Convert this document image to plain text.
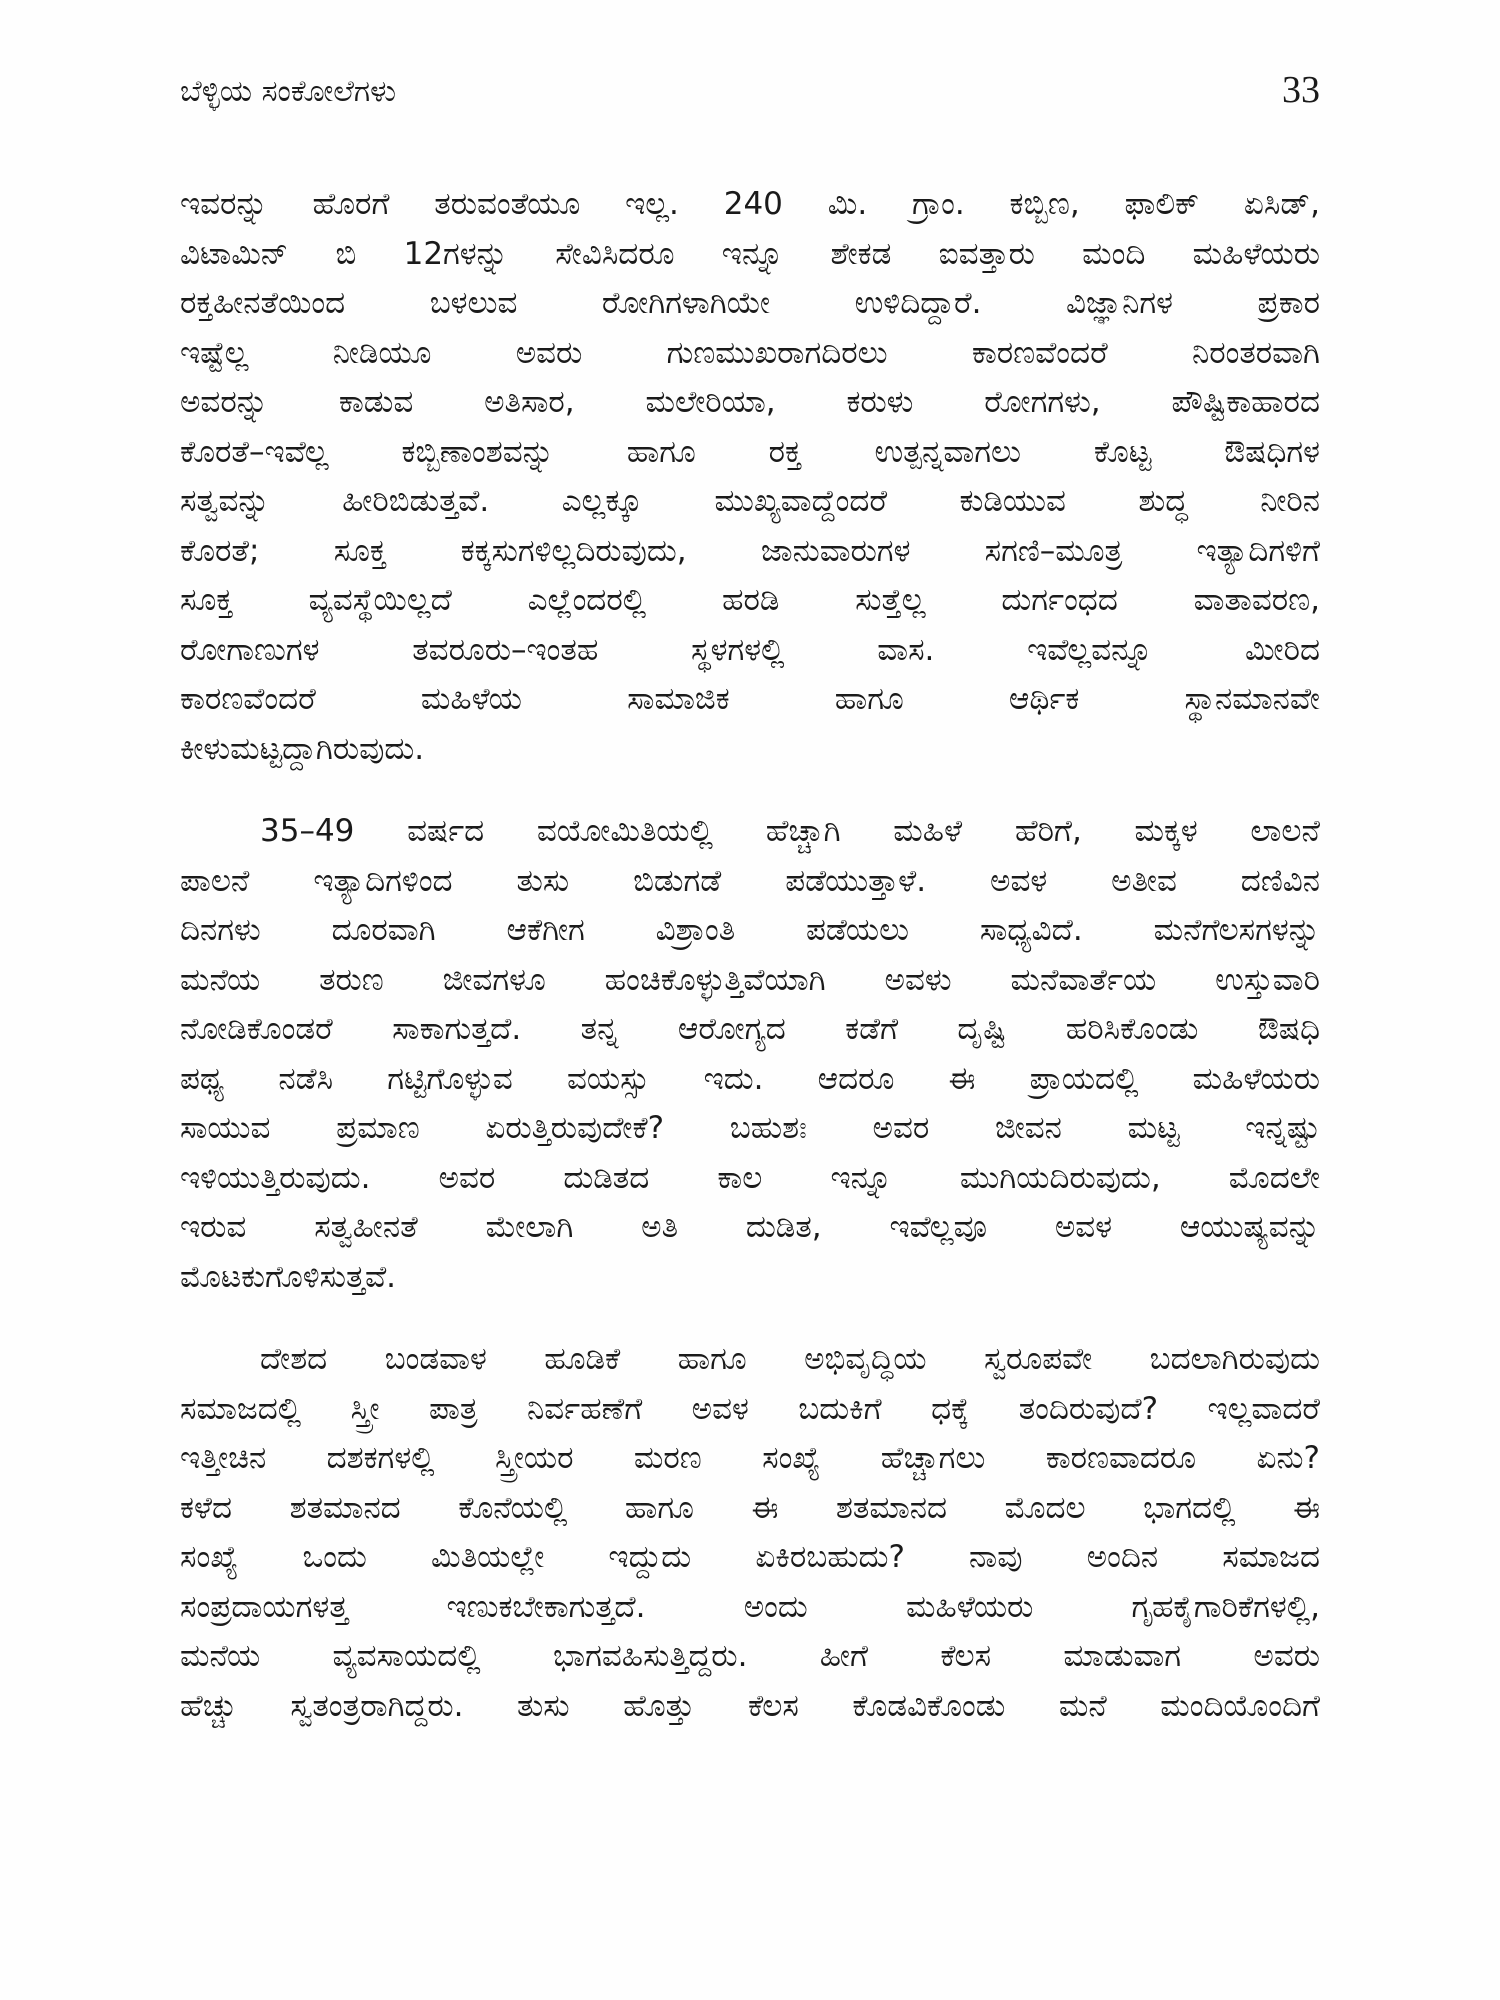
ಬೆಳ್ಳಿಯ ಸಂಕೋಲೆಗಳು	33

ಇವರನ್ನು ಹೊರಗೆ ತರುವಂತೆಯೂ ಇಲ್ಲ. 240 ಮಿ. ಗ್ರಾಂ. ಕಬ್ಬಿಣ, ಫಾಲಿಕ್ ಏಸಿಡ್,
ವಿಟಾಮಿನ್ ಬಿ 12ಗಳನ್ನು ಸೇವಿಸಿದರೂ ಇನ್ನೂ ಶೇಕಡ ಐವತ್ತಾರು ಮಂದಿ ಮಹಿಳೆಯರು
ರಕ್ತಹೀನತೆಯಿಂದ ಬಳಲುವ ರೋಗಿಗಳಾಗಿಯೇ ಉಳಿದಿದ್ದಾರೆ. ವಿಜ್ಞಾನಿಗಳ ಪ್ರಕಾರ
ಇಷ್ಟೆಲ್ಲ ನೀಡಿಯೂ ಅವರು ಗುಣಮುಖರಾಗದಿರಲು ಕಾರಣವೆಂದರೆ ನಿರಂತರವಾಗಿ
ಅವರನ್ನು ಕಾಡುವ ಅತಿಸಾರ, ಮಲೇರಿಯಾ, ಕರುಳು ರೋಗಗಳು, ಪೌಷ್ಟಿಕಾಹಾರದ
ಕೊರತೆ–ಇವೆಲ್ಲ ಕಬ್ಬಿಣಾಂಶವನ್ನು ಹಾಗೂ ರಕ್ತ ಉತ್ಪನ್ನವಾಗಲು ಕೊಟ್ಟ ಔಷಧಿಗಳ
ಸತ್ವವನ್ನು ಹೀರಿಬಿಡುತ್ತವೆ. ಎಲ್ಲಕ್ಕೂ ಮುಖ್ಯವಾದ್ದೆಂದರೆ ಕುಡಿಯುವ ಶುದ್ಧ ನೀರಿನ
ಕೊರತೆ; ಸೂಕ್ತ ಕಕ್ಕಸುಗಳಿಲ್ಲದಿರುವುದು, ಜಾನುವಾರುಗಳ ಸಗಣಿ–ಮೂತ್ರ ಇತ್ಯಾದಿಗಳಿಗೆ
ಸೂಕ್ತ ವ್ಯವಸ್ಥೆಯಿಲ್ಲದೆ ಎಲ್ಲೆಂದರಲ್ಲಿ ಹರಡಿ ಸುತ್ತೆಲ್ಲ ದುರ್ಗಂಧದ ವಾತಾವರಣ,
ರೋಗಾಣುಗಳ ತವರೂರು–ಇಂತಹ ಸ್ಥಳಗಳಲ್ಲಿ ವಾಸ. ಇವೆಲ್ಲವನ್ನೂ ಮೀರಿದ
ಕಾರಣವೆಂದರೆ ಮಹಿಳೆಯ ಸಾಮಾಜಿಕ ಹಾಗೂ ಆರ್ಥಿಕ ಸ್ಥಾನಮಾನವೇ
ಕೀಳುಮಟ್ಟದ್ದಾಗಿರುವುದು.

35–49 ವರ್ಷದ ವಯೋಮಿತಿಯಲ್ಲಿ ಹೆಚ್ಚಾಗಿ ಮಹಿಳೆ ಹೆರಿಗೆ, ಮಕ್ಕಳ ಲಾಲನೆ
ಪಾಲನೆ ಇತ್ಯಾದಿಗಳಿಂದ ತುಸು ಬಿಡುಗಡೆ ಪಡೆಯುತ್ತಾಳೆ. ಅವಳ ಅತೀವ ದಣಿವಿನ
ದಿನಗಳು ದೂರವಾಗಿ ಆಕೆಗೀಗ ವಿಶ್ರಾಂತಿ ಪಡೆಯಲು ಸಾಧ್ಯವಿದೆ. ಮನೆಗೆಲಸಗಳನ್ನು
ಮನೆಯ ತರುಣ ಜೀವಗಳೂ ಹಂಚಿಕೊಳ್ಳುತ್ತಿವೆಯಾಗಿ ಅವಳು ಮನೆವಾರ್ತೆಯ ಉಸ್ತುವಾರಿ
ನೋಡಿಕೊಂಡರೆ ಸಾಕಾಗುತ್ತದೆ. ತನ್ನ ಆರೋಗ್ಯದ ಕಡೆಗೆ ದೃಷ್ಟಿ ಹರಿಸಿಕೊಂಡು ಔಷಧಿ
ಪಥ್ಯ ನಡೆಸಿ ಗಟ್ಟಿಗೊಳ್ಳುವ ವಯಸ್ಸು ಇದು. ಆದರೂ ಈ ಪ್ರಾಯದಲ್ಲಿ ಮಹಿಳೆಯರು
ಸಾಯುವ ಪ್ರಮಾಣ ಏರುತ್ತಿರುವುದೇಕೆ? ಬಹುಶಃ ಅವರ ಜೀವನ ಮಟ್ಟ ಇನ್ನಷ್ಟು
ಇಳಿಯುತ್ತಿರುವುದು. ಅವರ ದುಡಿತದ ಕಾಲ ಇನ್ನೂ ಮುಗಿಯದಿರುವುದು, ಮೊದಲೇ
ಇರುವ ಸತ್ವಹೀನತೆ ಮೇಲಾಗಿ ಅತಿ ದುಡಿತ, ಇವೆಲ್ಲವೂ ಅವಳ ಆಯುಷ್ಯವನ್ನು
ಮೊಟಕುಗೊಳಿಸುತ್ತವೆ.

ದೇಶದ ಬಂಡವಾಳ ಹೂಡಿಕೆ ಹಾಗೂ ಅಭಿವೃದ್ಧಿಯ ಸ್ವರೂಪವೇ ಬದಲಾಗಿರುವುದು
ಸಮಾಜದಲ್ಲಿ ಸ್ತ್ರೀ ಪಾತ್ರ ನಿರ್ವಹಣೆಗೆ ಅವಳ ಬದುಕಿಗೆ ಧಕ್ಕೆ ತಂದಿರುವುದೆ? ಇಲ್ಲವಾದರೆ
ಇತ್ತೀಚಿನ ದಶಕಗಳಲ್ಲಿ ಸ್ತ್ರೀಯರ ಮರಣ ಸಂಖ್ಯೆ ಹೆಚ್ಚಾಗಲು ಕಾರಣವಾದರೂ ಏನು?
ಕಳೆದ ಶತಮಾನದ ಕೊನೆಯಲ್ಲಿ ಹಾಗೂ ಈ ಶತಮಾನದ ಮೊದಲ ಭಾಗದಲ್ಲಿ ಈ
ಸಂಖ್ಯೆ ಒಂದು ಮಿತಿಯಲ್ಲೇ ಇದ್ದುದು ಏಕಿರಬಹುದು? ನಾವು ಅಂದಿನ ಸಮಾಜದ
ಸಂಪ್ರದಾಯಗಳತ್ತ ಇಣುಕಬೇಕಾಗುತ್ತದೆ. ಅಂದು ಮಹಿಳೆಯರು ಗೃಹಕೈಗಾರಿಕೆಗಳಲ್ಲಿ,
ಮನೆಯ ವ್ಯವಸಾಯದಲ್ಲಿ ಭಾಗವಹಿಸುತ್ತಿದ್ದರು. ಹೀಗೆ ಕೆಲಸ ಮಾಡುವಾಗ ಅವರು
ಹೆಚ್ಚು ಸ್ವತಂತ್ರರಾಗಿದ್ದರು. ತುಸು ಹೊತ್ತು ಕೆಲಸ ಕೊಡವಿಕೊಂಡು ಮನೆ ಮಂದಿಯೊಂದಿಗೆ
